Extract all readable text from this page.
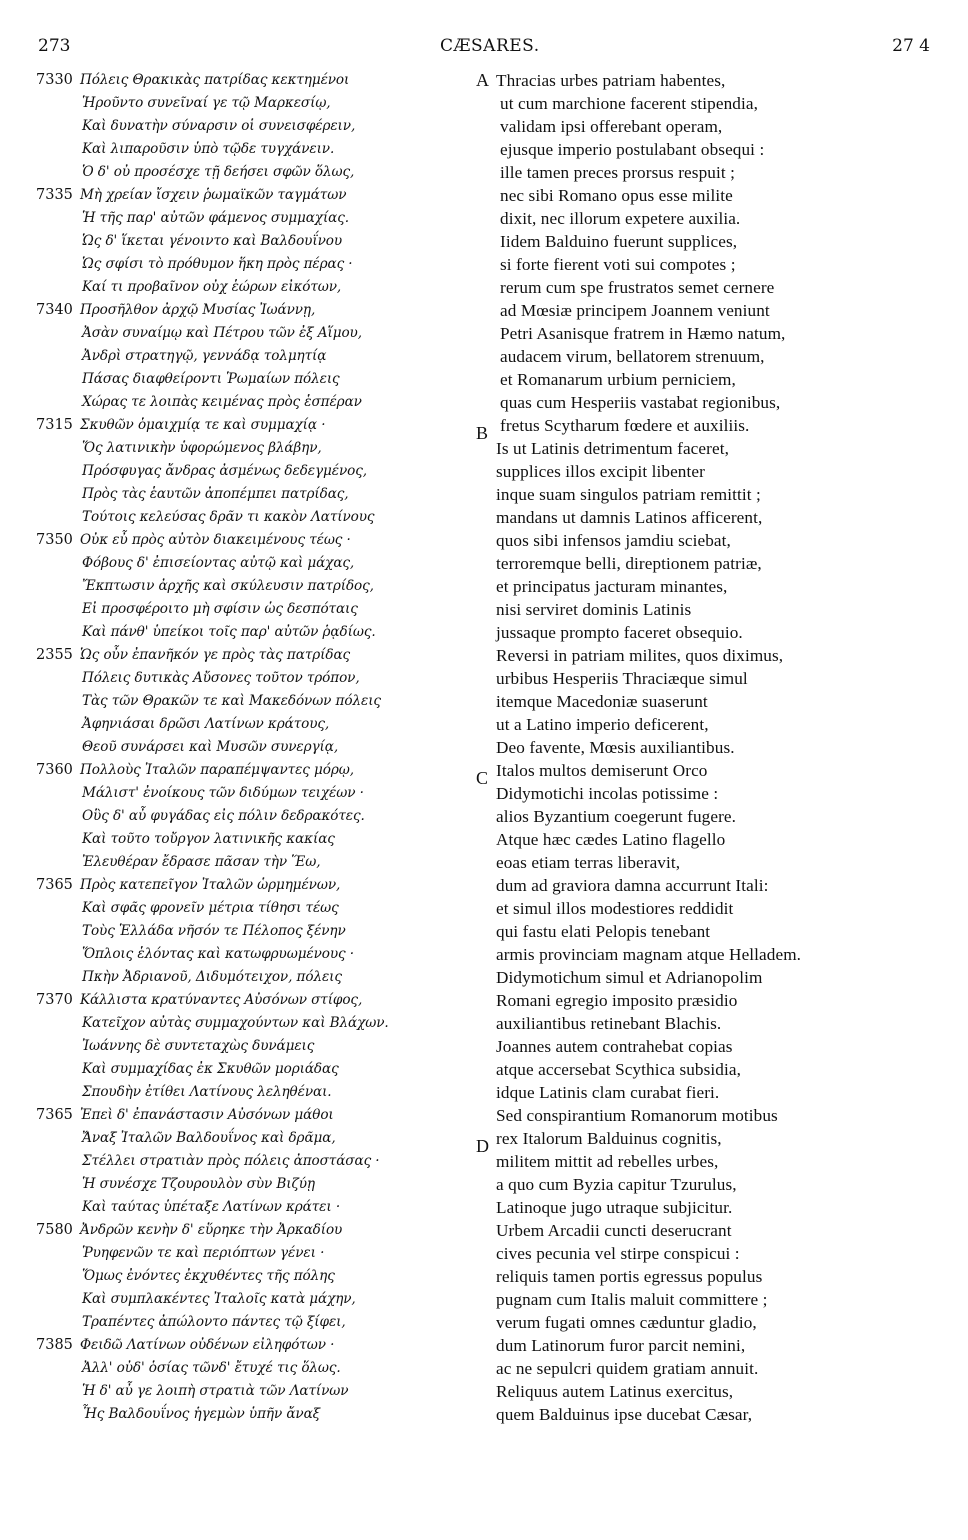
273	CÆSARES.	27 4
7330 Πόλεις Θρακικὰς πατρίδας κεκτημένοι
Ἡροῦντο συνεῖναί γε τῷ Μαρκεσίῳ,
Καὶ δυνατὴν σύναρσιν οἱ συνεισφέρειν,
Καὶ λιπαροῦσιν ὑπὸ τῷδε τυγχάνειν.
Ὁ δ' οὐ προσέσχε τῇ δεήσει σφῶν ὅλως,
7335 Μὴ χρείαν ἴσχειν ῥωμαϊκῶν ταγμάτων
Ἡ τῆς παρ' αὐτῶν φάμενος συμμαχίας.
Ὡς δ' ἵκεται γένοιντο καὶ Βαλδουΐνου
Ὡς σφίσι τὸ πρόθυμον ἥκη πρὸς πέρας ·
Καί τι προβαῖνον οὐχ ἑώρων εἰκότων,
7340 Προσῆλθον ἀρχῷ Μυσίας Ἰωάννῃ,
Ἀσὰν συναίμῳ καὶ Πέτρου τῶν ἐξ Αἵμου,
Ἀνδρὶ στρατηγῷ, γεννάδᾳ τολμητίᾳ
Πάσας διαφθείροντι Ῥωμαίων πόλεις
Χώρας τε λοιπὰς κειμένας πρὸς ἑσπέραν
7315 Σκυθῶν ὁμαιχμίᾳ τε καὶ συμμαχίᾳ ·
Ὅς λατινικὴν ὑφορώμενος βλάβην,
Πρόσφυγας ἄνδρας ἀσμένως δεδεγμένος,
Πρὸς τὰς ἑαυτῶν ἀποπέμπει πατρίδας,
Τούτοις κελεύσας δρᾶν τι κακὸν Λατίνους
7350 Οὐκ εὖ πρὸς αὐτὸν διακειμένους τέως ·
Φόβους δ' ἐπισείοντας αὐτῷ καὶ μάχας,
Ἔκπτωσιν ἀρχῆς καὶ σκύλευσιν πατρίδος,
Εἰ προσφέροιτο μὴ σφίσιν ὡς δεσπόταις
Καὶ πάνθ' ὑπείκοι τοῖς παρ' αὐτῶν ῥᾳδίως.
2355 Ὡς οὖν ἐπανῆκόν γε πρὸς τὰς πατρίδας
Πόλεις δυτικὰς Αὔσονες τοῦτον τρόπον,
Τὰς τῶν Θρακῶν τε καὶ Μακεδόνων πόλεις
Ἀφηνιάσαι δρῶσι Λατίνων κράτους,
Θεοῦ συνάρσει καὶ Μυσῶν συνεργίᾳ,
7360 Πολλοὺς Ἰταλῶν παραπέμψαντες μόρῳ,
Μάλιστ' ἐνοίκους τῶν διδύμων τειχέων ·
Οὓς δ' αὖ φυγάδας εἰς πόλιν δεδρακότες.
Καὶ τοῦτο τοὔργον λατινικῆς κακίας
Ἐλευθέραν ἔδρασε πᾶσαν τὴν Ἕω,
7365 Πρὸς κατεπεῖγον Ἰταλῶν ὡρμημένων,
Καὶ σφᾶς φρονεῖν μέτρια τίθησι τέως
Τοὺς Ἑλλάδα νῆσόν τε Πέλοπος ξένην
Ὅπλοις ἑλόντας καὶ κατωφρυωμένους ·
Πκὴν Ἀδριανοῦ, Διδυμότειχον, πόλεις
7370 Κάλλιστα κρατύναντες Αὐσόνων στίφος,
Κατεῖχον αὐτὰς συμμαχούντων καὶ Βλάχων.
Ἰωάννης δὲ συντεταχὼς δυνάμεις
Καὶ συμμαχίδας ἐκ Σκυθῶν μοριάδας
Σπουδὴν ἐτίθει Λατίνους λεληθέναι.
7365 Ἐπεὶ δ' ἐπανάστασιν Αὐσόνων μάθοι
Ἄναξ Ἰταλῶν Βαλδουΐνος καὶ δρᾶμα,
Στέλλει στρατιὰν πρὸς πόλεις ἀποστάσας ·
Ἡ συνέσχε Τζουρουλὸν σὺν Βιζύῃ
Καὶ ταύτας ὑπέταξε Λατίνων κράτει ·
7580 Ἀνδρῶν κενὴν δ' εὕρηκε τὴν Ἀρκαδίου
Ῥυηφενῶν τε καὶ περιόπτων γένει ·
Ὅμως ἐνόντες ἐκχυθέντες τῆς πόλης
Καὶ συμπλακέντες Ἰταλοῖς κατὰ μάχην,
Τραπέντες ἀπώλοντο πάντες τῷ ξίφει,
7385 Φειδῶ Λατίνων οὐδένων εἰληφότων ·
Ἀλλ' οὐδ' ὁσίας τῶνδ' ἔτυχέ τις ὅλως.
Ἡ δ' αὖ γε λοιπὴ στρατιὰ τῶν Λατίνων
Ἧς Βαλδουΐνος ἡγεμὼν ὑπῆν ἄναξ
A Thracias urbes patriam habentes,
ut cum marchione facerent stipendia,
validam ipsi offerebant operam,
ejusque imperio postulabant obsequi :
ille tamen preces prorsus respuit ;
nec sibi Romano opus esse milite
dixit, nec illorum expetere auxilia.
Iidem Balduino fuerunt supplices,
si forte fierent voti sui compotes ;
rerum cum spe frustratos semet cernere
ad Mœsiæ principem Joannem veniunt
Petri Asanisque fratrem in Hæmo natum,
audacem virum, bellatorem strenuum,
et Romanarum urbium perniciem,
quas cum Hesperiis vastabat regionibus,
B fretus Scytharum fœdere et auxiliis.
Is ut Latinis detrimentum faceret,
supplices illos excipit libenter
inque suam singulos patriam remittit ;
mandans ut damnis Latinos afficerent,
quos sibi infensos jamdiu sciebat,
terroremque belli, direptionem patriæ,
et principatus jacturam minantes,
nisi serviret dominis Latinis
jussaque prompto faceret obsequio.
Reversi in patriam milites, quos diximus,
urbibus Hesperiis Thraciæque simul
itemque Macedoniæ suaserunt
ut a Latino imperio deficerent,
Deo favente, Mœsis auxiliantibus.
C Italos multos demiserunt Orco
Didymotichi incolas potissime :
alios Byzantium coegerunt fugere.
Atque hæc cædes Latino flagello
eoas etiam terras liberavit,
dum ad graviora damna accurrunt Itali:
et simul illos modestiores reddidit
qui fastu elati Pelopis tenebant
armis provinciam magnam atque Helladem.
Didymotichum simul et Adrianopolim
Romani egregio imposito præsidio
auxiliantibus retinebant Blachis.
Joannes autem contrahebat copias
atque accersebat Scythica subsidia,
idque Latinis clam curabat fieri.
Sed conspirantium Romanorum motibus
D rex Italorum Balduinus cognitis,
militem mittit ad rebelles urbes,
a quo cum Byzia capitur Tzurulus,
Latinoque jugo utraque subjicitur.
Urbem Arcadii cuncti deserucrant
cives pecunia vel stirpe conspicui :
reliquis tamen portis egressus populus
pugnam cum Italis maluit committere ;
verum fugati omnes cæduntur gladio,
dum Latinorum furor parcit nemini,
ac ne sepulcri quidem gratiam annuit.
Reliquus autem Latinus exercitus,
quem Balduinus ipse ducebat Cæsar,
